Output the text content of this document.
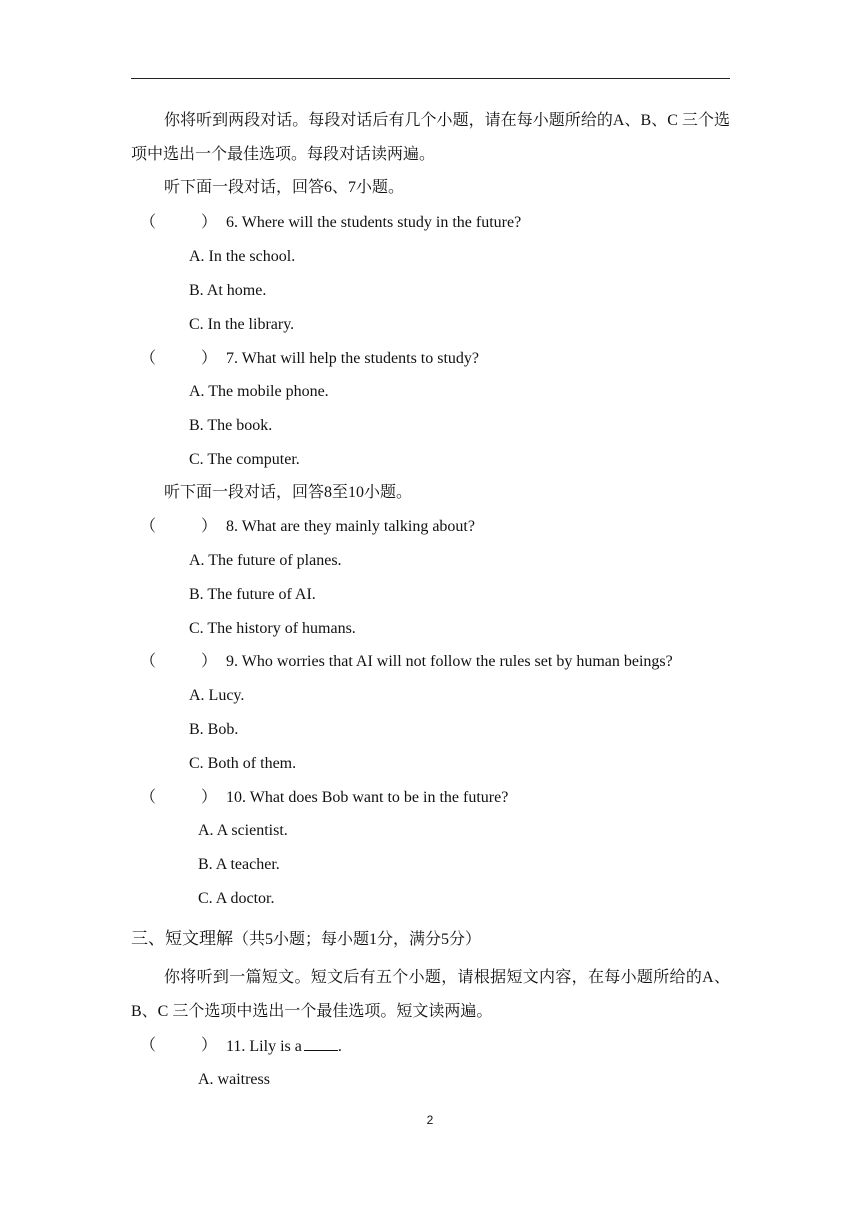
你将听到两段对话。每段对话后有几个小题，请在每小题所给的A、B、C 三个选项中选出一个最佳选项。每段对话读两遍。
听下面一段对话，回答6、7小题。
（	） 6. Where will the students study in the future?
A. In the school.
B. At home.
C. In the library.
（	） 7. What will help the students to study?
A. The mobile phone.
B. The book.
C. The computer.
听下面一段对话，回答8至10小题。
（	） 8. What are they mainly talking about?
A. The future of planes.
B. The future of AI.
C. The history of humans.
（	） 9. Who worries that AI will not follow the rules set by human beings?
A. Lucy.
B. Bob.
C. Both of them.
（	） 10. What does Bob want to be in the future?
A. A scientist.
B. A teacher.
C. A doctor.
三、短文理解（共5小题；每小题1分，满分5分）
你将听到一篇短文。短文后有五个小题，请根据短文内容，在每小题所给的A、B、C 三个选项中选出一个最佳选项。短文读两遍。
（	） 11. Lily is a .
A. waitress
2
